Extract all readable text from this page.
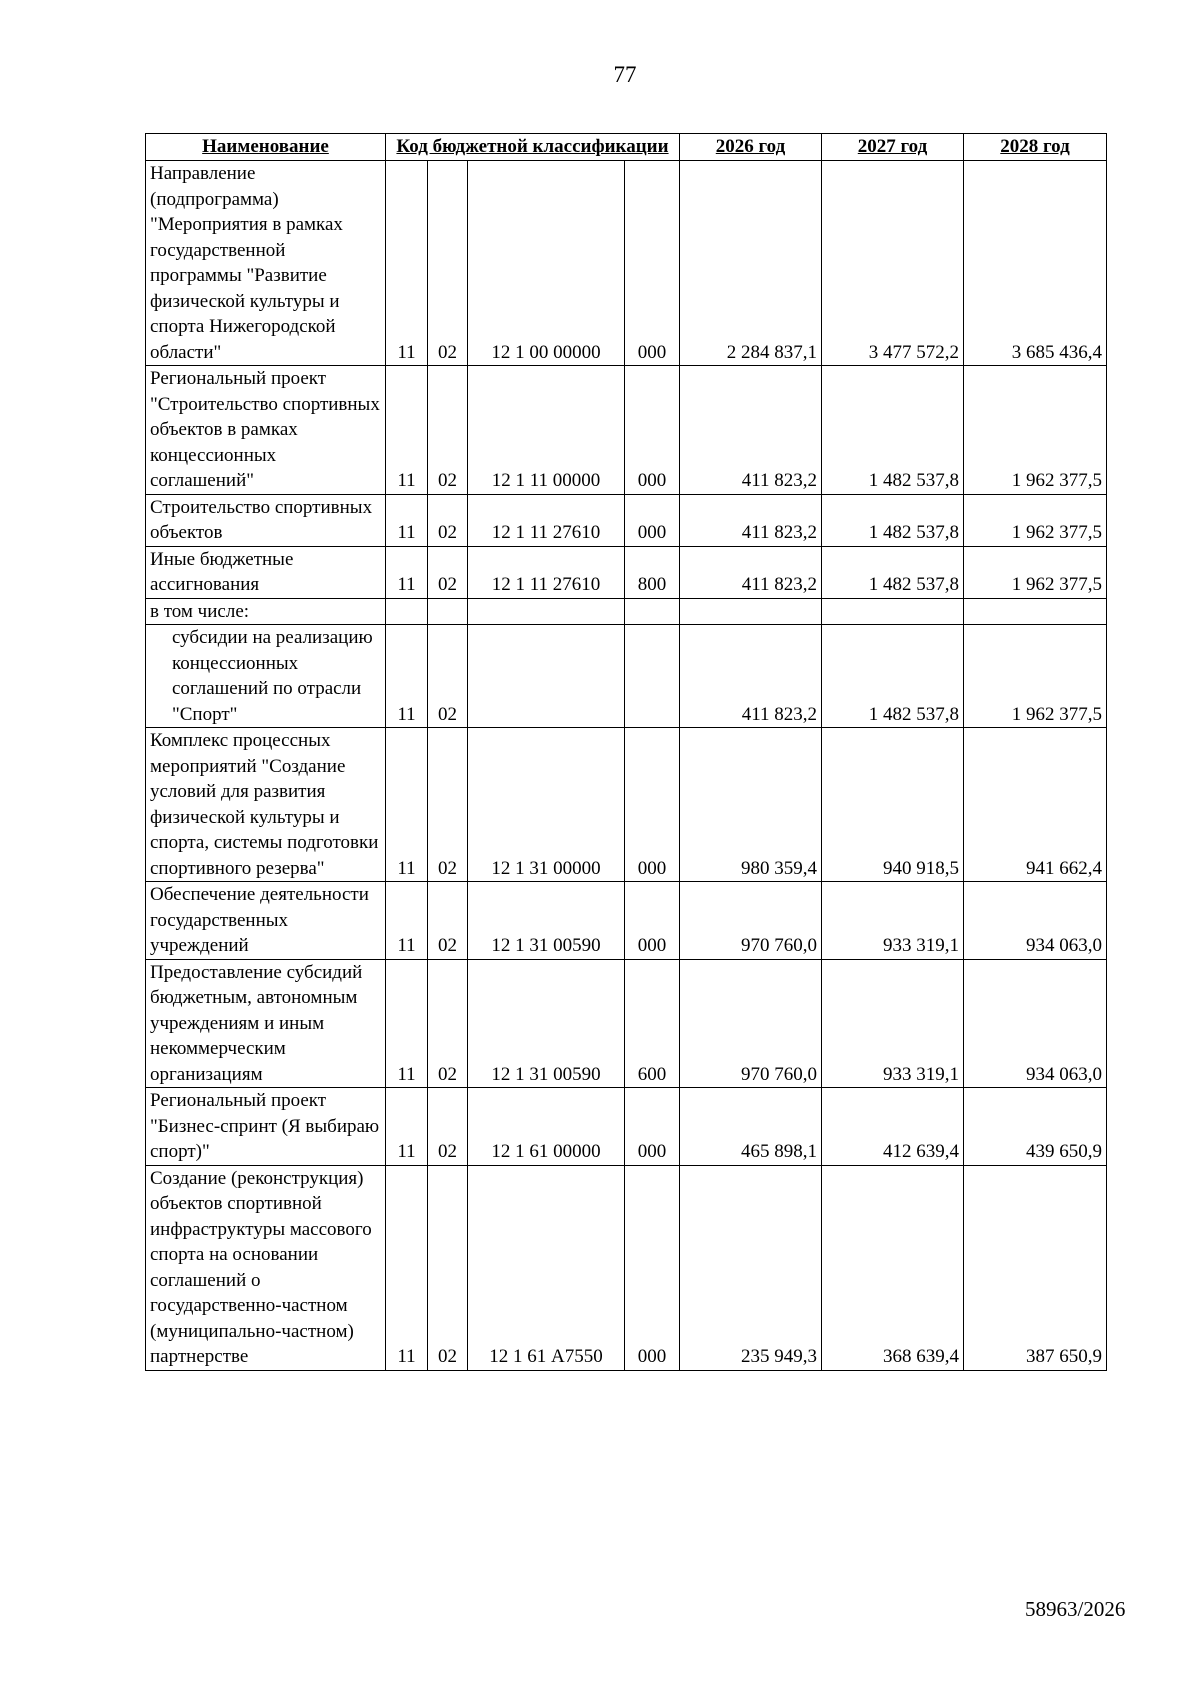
77
Наименование	Код бюджетной классификации				2026 год	2027 год	2028 год
Направление (подпрограмма) "Мероприятия в рамках государственной программы "Развитие физической культуры и спорта Нижегородской области"	11	02	12 1 00 00000	000	2 284 837,1	3 477 572,2	3 685 436,4
Региональный проект "Строительство спортивных объектов в рамках концессионных соглашений"	11	02	12 1 11 00000	000	411 823,2	1 482 537,8	1 962 377,5
Строительство спортивных объектов	11	02	12 1 11 27610	000	411 823,2	1 482 537,8	1 962 377,5
Иные бюджетные ассигнования	11	02	12 1 11 27610	800	411 823,2	1 482 537,8	1 962 377,5
в том числе:							
субсидии на реализацию концессионных соглашений по отрасли "Спорт"	11	02			411 823,2	1 482 537,8	1 962 377,5
Комплекс процессных мероприятий "Создание условий для развития физической культуры и спорта, системы подготовки спортивного резерва"	11	02	12 1 31 00000	000	980 359,4	940 918,5	941 662,4
Обеспечение деятельности государственных учреждений	11	02	12 1 31 00590	000	970 760,0	933 319,1	934 063,0
Предоставление субсидий бюджетным, автономным учреждениям и иным некоммерческим организациям	11	02	12 1 31 00590	600	970 760,0	933 319,1	934 063,0
Региональный проект "Бизнес-спринт (Я выбираю спорт)"	11	02	12 1 61 00000	000	465 898,1	412 639,4	439 650,9
Создание (реконструкция) объектов спортивной инфраструктуры массового спорта на основании соглашений о государственно-частном (муниципально-частном) партнерстве	11	02	12 1 61 А7550	000	235 949,3	368 639,4	387 650,9
58963/2026
